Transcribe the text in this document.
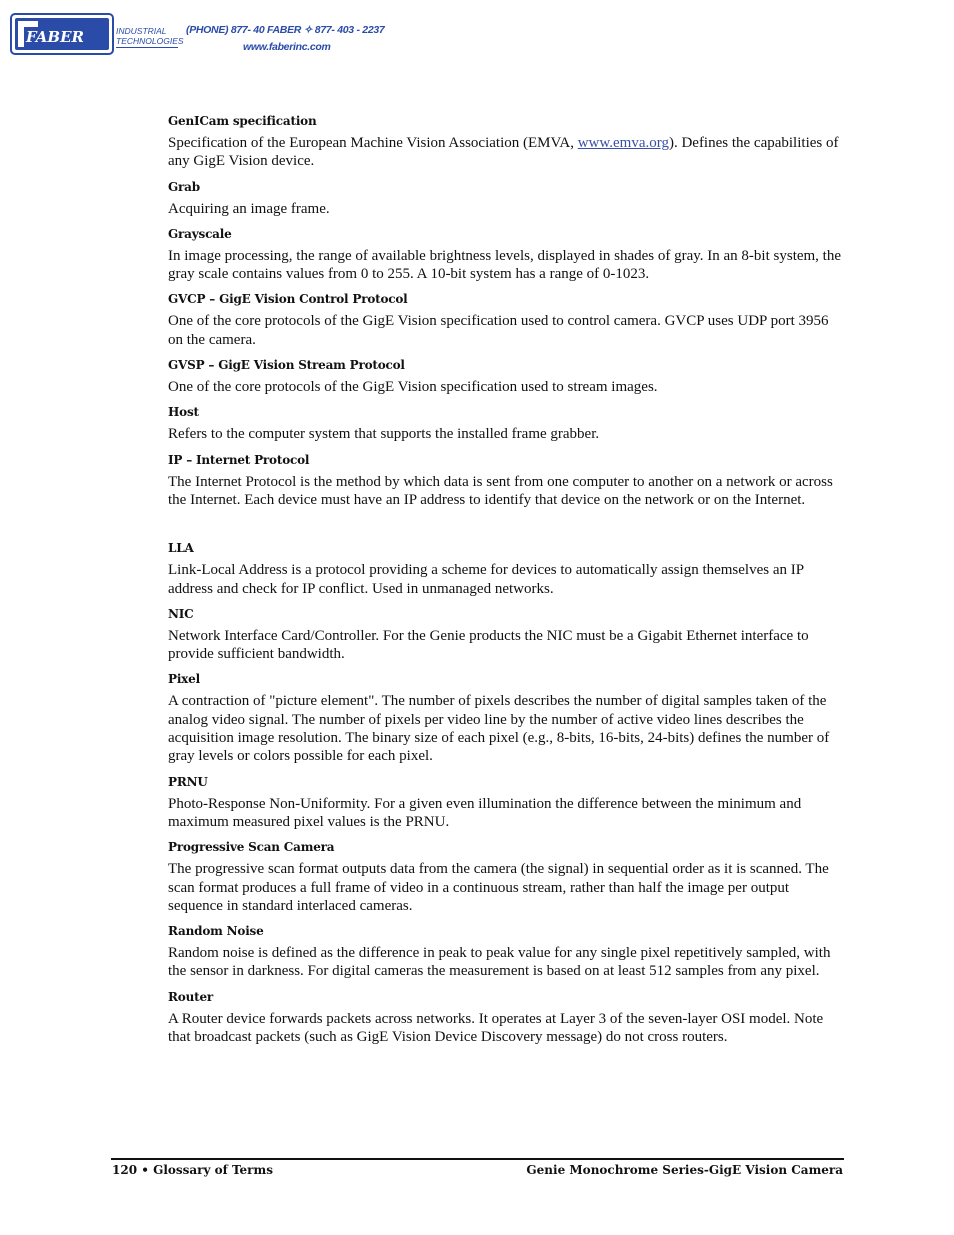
FABER	INDUSTRIAL
TECHNOLOGIES
(PHONE) 877- 40 FABER ✧ 877- 403 - 2237
www.faberinc.com

GenICam specification

Specification of the European Machine Vision Association (EMVA, www.emva.org). Defines the capabilities of any GigE Vision device.

Grab

Acquiring an image frame.

Grayscale

In image processing, the range of available brightness levels, displayed in shades of gray. In an 8-bit system, the gray scale contains values from 0 to 255. A 10-bit system has a range of 0-1023.

GVCP – GigE Vision Control Protocol

One of the core protocols of the GigE Vision specification used to control camera. GVCP uses UDP port 3956 on the camera.

GVSP – GigE Vision Stream Protocol

One of the core protocols of the GigE Vision specification used to stream images.

Host

Refers to the computer system that supports the installed frame grabber.

IP – Internet Protocol

The Internet Protocol is the method by which data is sent from one computer to another on a network or across the Internet. Each device must have an IP address to identify that device on the network or on the Internet.

LLA

Link-Local Address is a protocol providing a scheme for devices to automatically assign themselves an IP address and check for IP conflict. Used in unmanaged networks.

NIC

Network Interface Card/Controller. For the Genie products the NIC must be a Gigabit Ethernet interface to provide sufficient bandwidth.

Pixel

A contraction of "picture element". The number of pixels describes the number of digital samples taken of the analog video signal. The number of pixels per video line by the number of active video lines describes the acquisition image resolution. The binary size of each pixel (e.g., 8-bits, 16-bits, 24-bits) defines the number of gray levels or colors possible for each pixel.

PRNU

Photo-Response Non-Uniformity. For a given even illumination the difference between the minimum and maximum measured pixel values is the PRNU.

Progressive Scan Camera

The progressive scan format outputs data from the camera (the signal) in sequential order as it is scanned. The scan format produces a full frame of video in a continuous stream, rather than half the image per output sequence in standard interlaced cameras.

Random Noise

Random noise is defined as the difference in peak to peak value for any single pixel repetitively sampled, with the sensor in darkness. For digital cameras the measurement is based on at least 512 samples from any pixel.

Router

A Router device forwards packets across networks. It operates at Layer 3 of the seven-layer OSI model. Note that broadcast packets (such as GigE Vision Device Discovery message) do not cross routers.

120 • Glossary of Terms	Genie Monochrome Series-GigE Vision Camera
